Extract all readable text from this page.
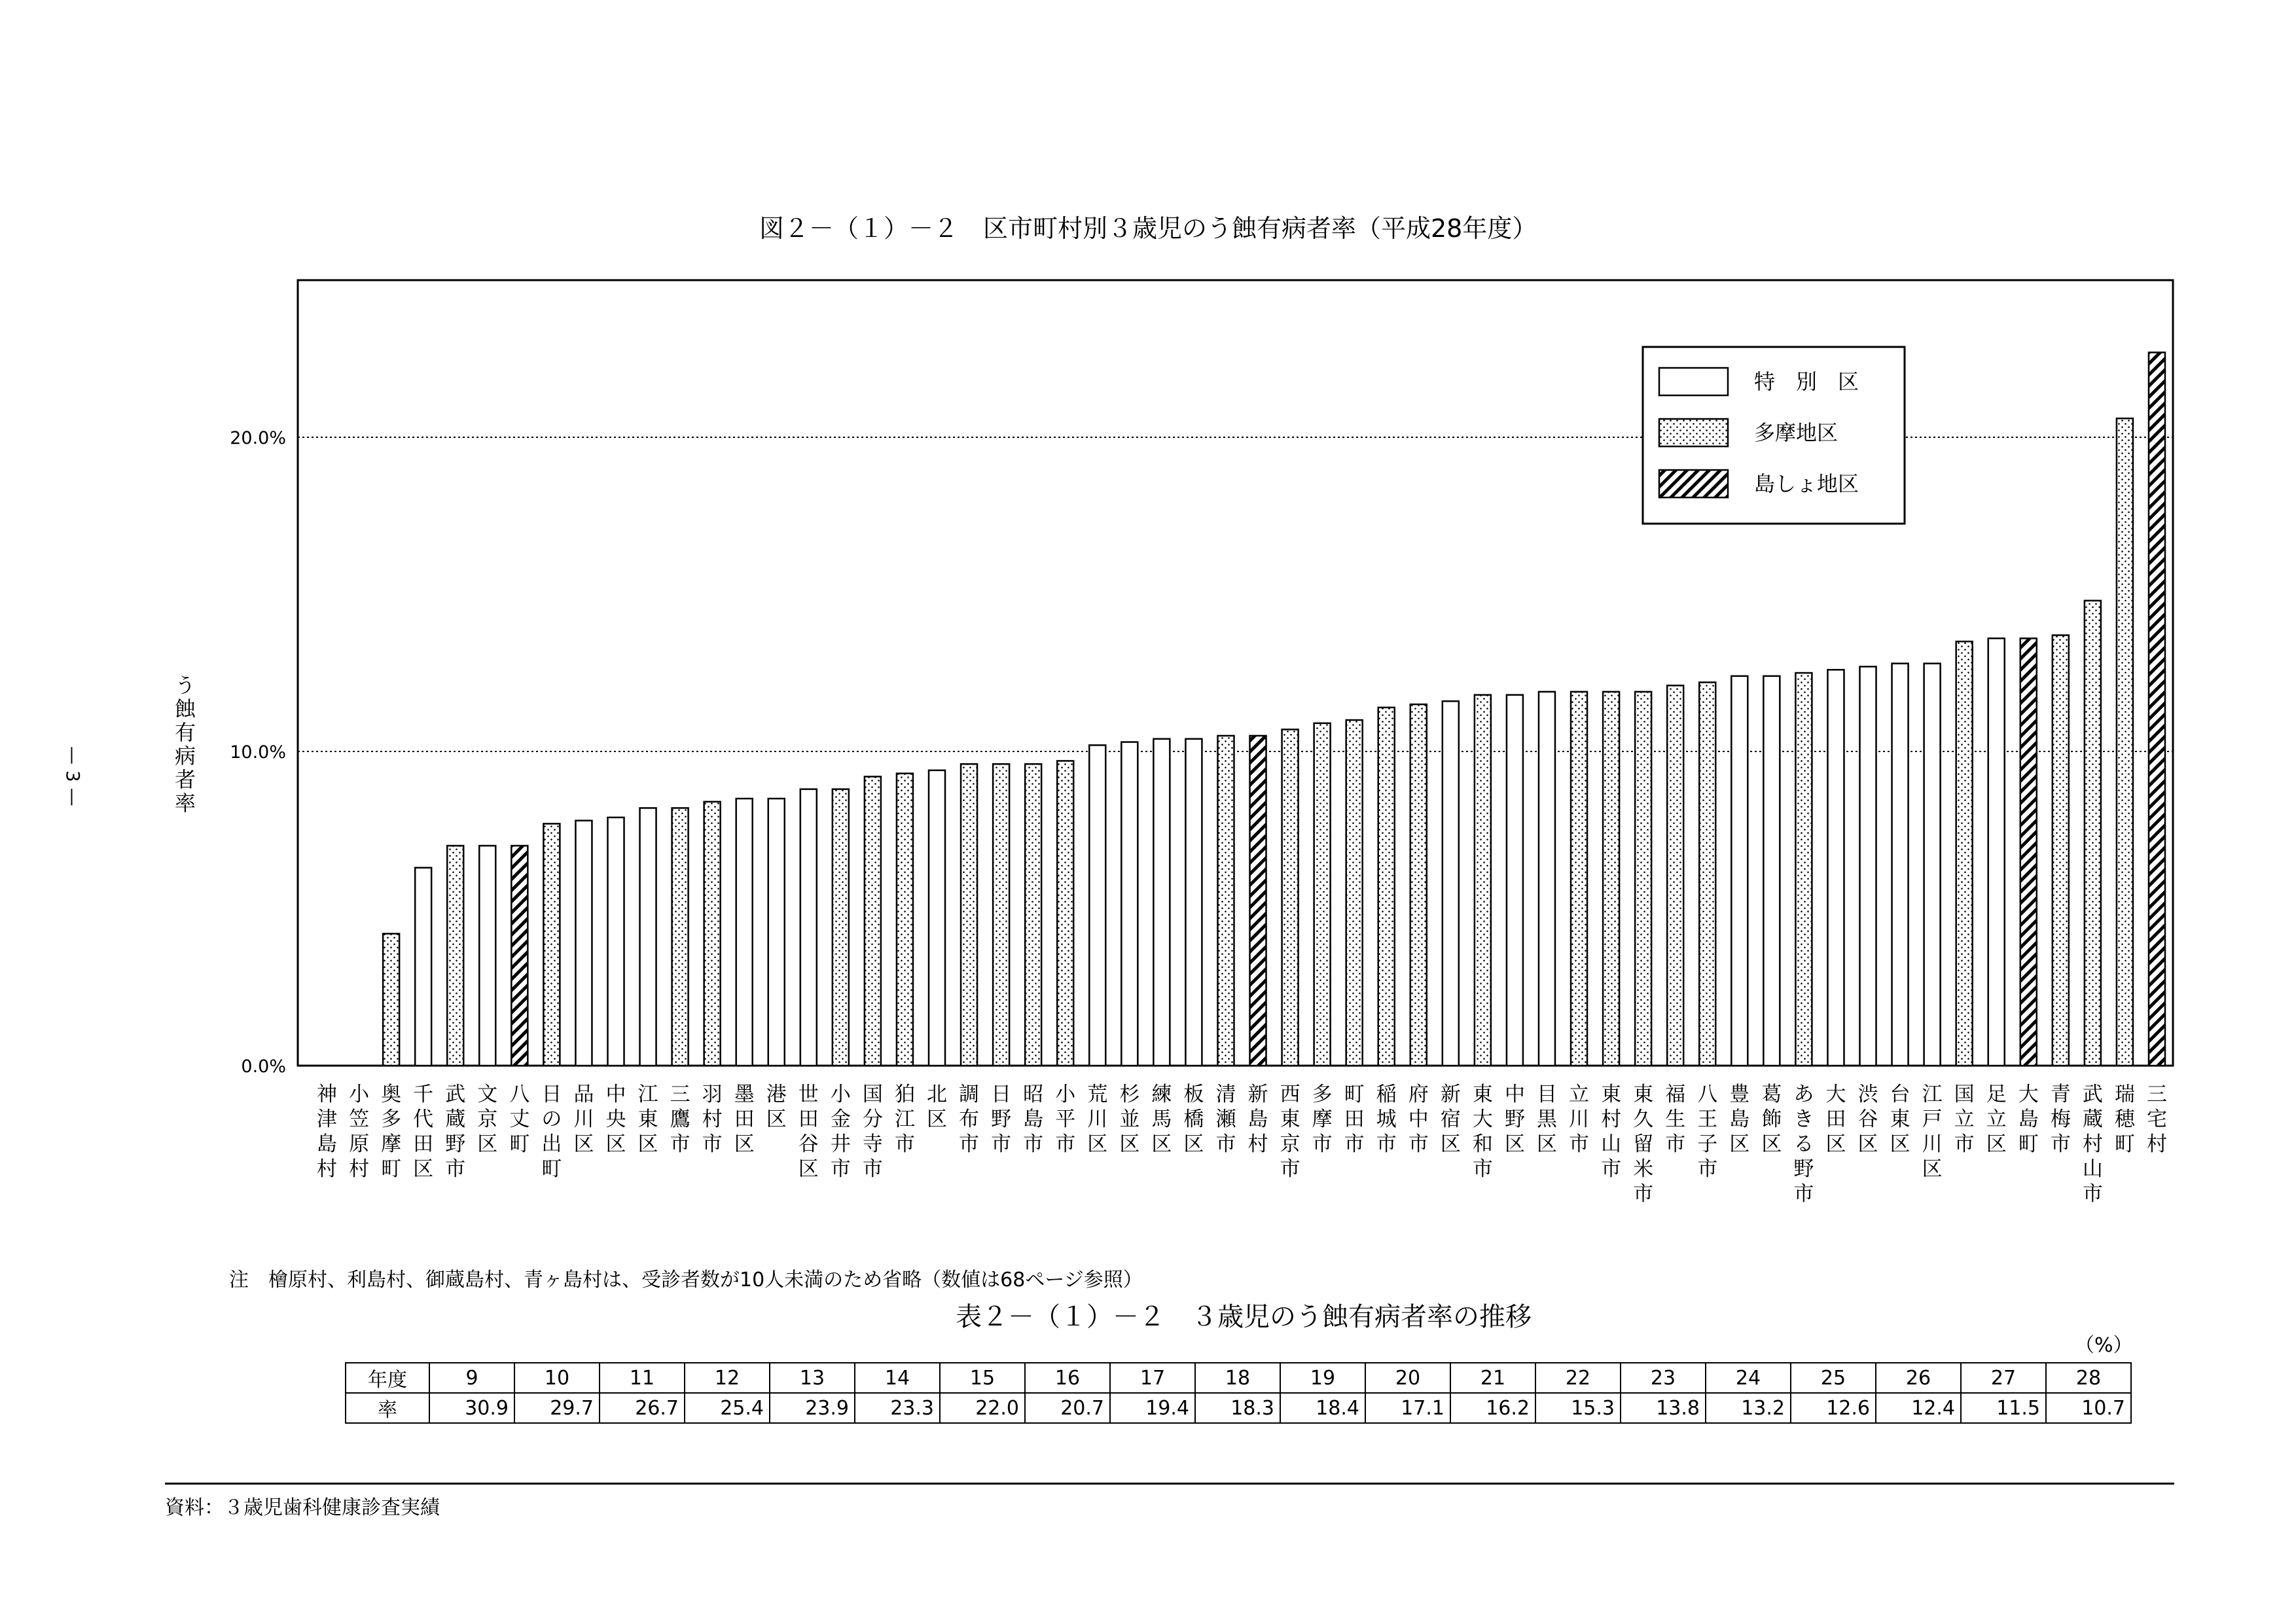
0.0%
10.0%
20.0%
神津島村
小笠原村
奥多摩町
千代田区
武蔵野市
文京区
八丈町
日の出町
品川区
中央区
江東区
三鷹市
羽村市
墨田区
港区
世田谷区
小金井市
国分寺市
狛江市
北区
調布市
日野市
昭島市
小平市
荒川区
杉並区
練馬区
板橋区
清瀬市
新島村
西東京市
多摩市
町田市
稲城市
府中市
新宿区
東大和市
中野区
目黒区
立川市
東村山市
東久留米市
福生市
八王子市
豊島区
葛飾区
あきる野市
大田区
渋谷区
台東区
江戸川区
国立市
足立区
大島町
青梅市
武蔵村山市
瑞穂町
三宅村
特　別　区
多摩地区
島しょ地区
— 3 —	う蝕有病者率
図２－（１）－２　区市町村別３歳児のう蝕有病者率（平成28年度）
注　檜原村、利島村、御蔵島村、青ヶ島村は、受診者数が10人未満のため省略（数値は68ページ参照）
表２－（１）－２　３歳児のう蝕有病者率の推移
（%）
年度	9	10	11	12	13	14	15	16	17	18	19	20	21	22	23	24	25	26	27	28
率	30.9	29.7	26.7	25.4	23.9	23.3	22.0	20.7	19.4	18.3	18.4	17.1	16.2	15.3	13.8	13.2	12.6	12.4	11.5	10.7
資料：３歳児歯科健康診査実績
